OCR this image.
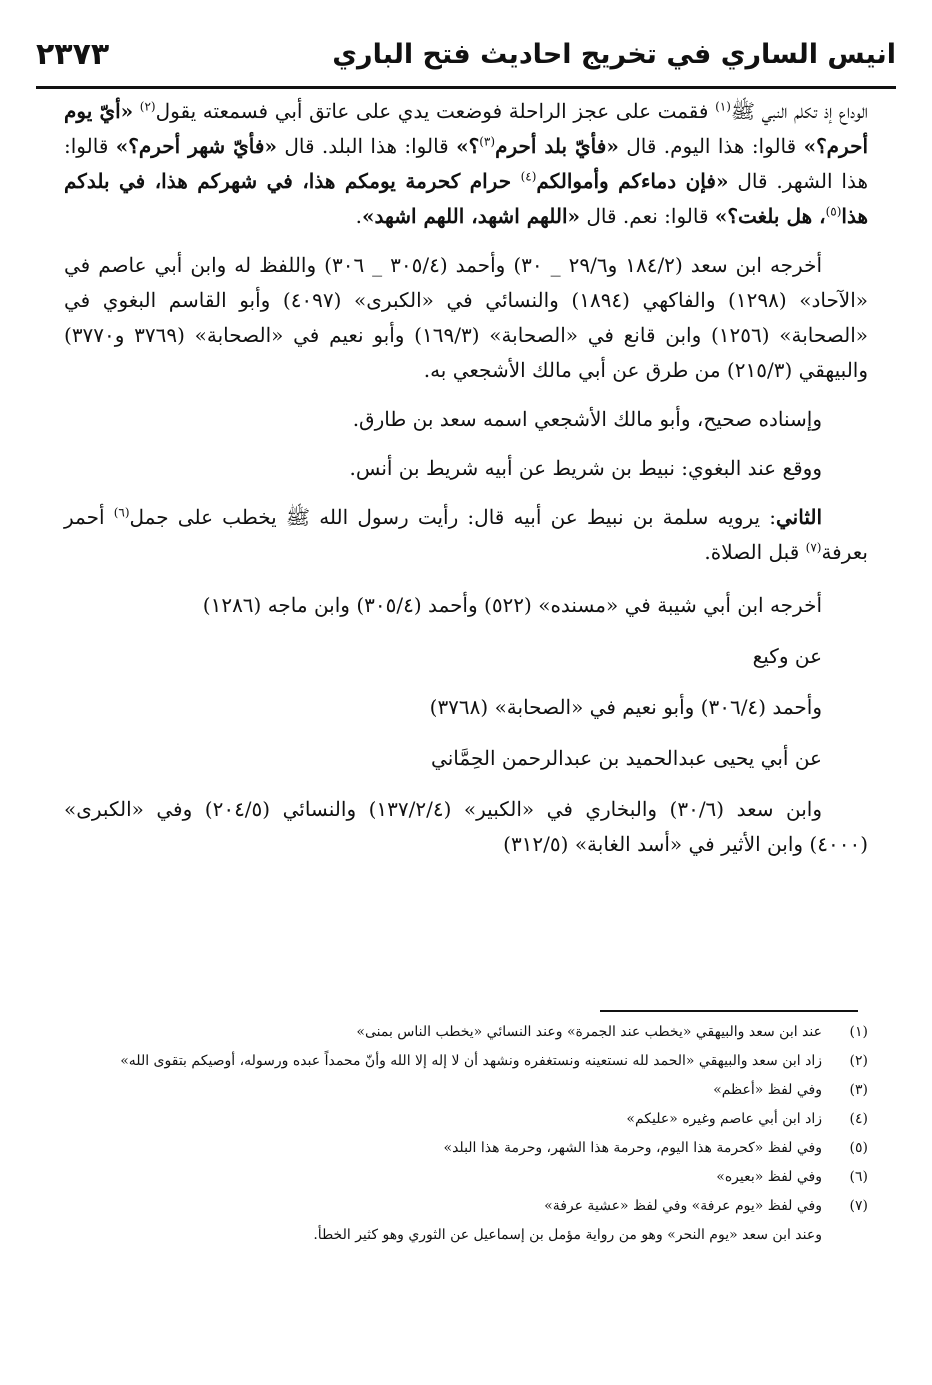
انيس الساري في تخريج احاديث فتح الباري
٢٣٧٣

الوداع إذ تكلم النبي ﷺ$^{(١)}$ فقمت على عجز الراحلة فوضعت يدي على عاتق أبي فسمعته يقول$^{(٢)}$ «أيّ يوم أحرم؟» قالوا: هذا اليوم. قال «فأيّ بلد أحرم$^{(٣)}$؟» قالوا: هذا البلد. قال «فأيّ شهر أحرم؟» قالوا: هذا الشهر. قال «فإن دماءكم وأموالكم$^{(٤)}$ حرام كحرمة يومكم هذا، في شهركم هذا، في بلدكم هذا$^{(٥)}$، هل بلغت؟» قالوا: نعم. قال «اللهم اشهد، اللهم اشهد».

أخرجه ابن سعد (١٨٤/٢ و٢٩/٦ _ ٣٠) وأحمد (٣٠٥/٤ _ ٣٠٦) واللفظ له وابن أبي عاصم في «الآحاد» (١٢٩٨) والفاكهي (١٨٩٤) والنسائي في «الكبرى» (٤٠٩٧) وأبو القاسم البغوي في «الصحابة» (١٢٥٦) وابن قانع في «الصحابة» (١٦٩/٣) وأبو نعيم في «الصحابة» (٣٧٦٩ و٣٧٧٠) والبيهقي (٢١٥/٣) من طرق عن أبي مالك الأشجعي به.

وإسناده صحيح، وأبو مالك الأشجعي اسمه سعد بن طارق.

ووقع عند البغوي: نبيط بن شريط عن أبيه شريط بن أنس.

الثاني: يرويه سلمة بن نبيط عن أبيه قال: رأيت رسول الله ﷺ يخطب على جمل$^{(٦)}$ أحمر بعرفة$^{(٧)}$ قبل الصلاة.

أخرجه ابن أبي شيبة في «مسنده» (٥٢٢) وأحمد (٣٠٥/٤) وابن ماجه (١٢٨٦)

عن وكيع

وأحمد (٣٠٦/٤) وأبو نعيم في «الصحابة» (٣٧٦٨)

عن أبي يحيى عبدالحميد بن عبدالرحمن الحِمَّاني

وابن سعد (٣٠/٦) والبخاري في «الكبير» (١٣٧/٢/٤) والنسائي (٢٠٤/٥) وفي «الكبرى» (٤٠٠٠) وابن الأثير في «أسد الغابة» (٣١٢/٥)

(١)
عند ابن سعد والبيهقي «يخطب عند الجمرة» وعند النسائي «يخطب الناس بمنى»
(٢)
زاد ابن سعد والبيهقي «الحمد لله نستعينه ونستغفره ونشهد أن لا إله إلا الله وأنّ محمداً عبده ورسوله، أوصيكم بتقوى الله»
(٣)
وفي لفظ «أعظم»
(٤)
زاد ابن أبي عاصم وغيره «عليكم»
(٥)
وفي لفظ «كحرمة هذا اليوم، وحرمة هذا الشهر، وحرمة هذا البلد»
(٦)
وفي لفظ «بعيره»
(٧)
وفي لفظ «يوم عرفة» وفي لفظ «عشية عرفة»
وعند ابن سعد «يوم النحر» وهو من رواية مؤمل بن إسماعيل عن الثوري وهو كثير الخطأ.
